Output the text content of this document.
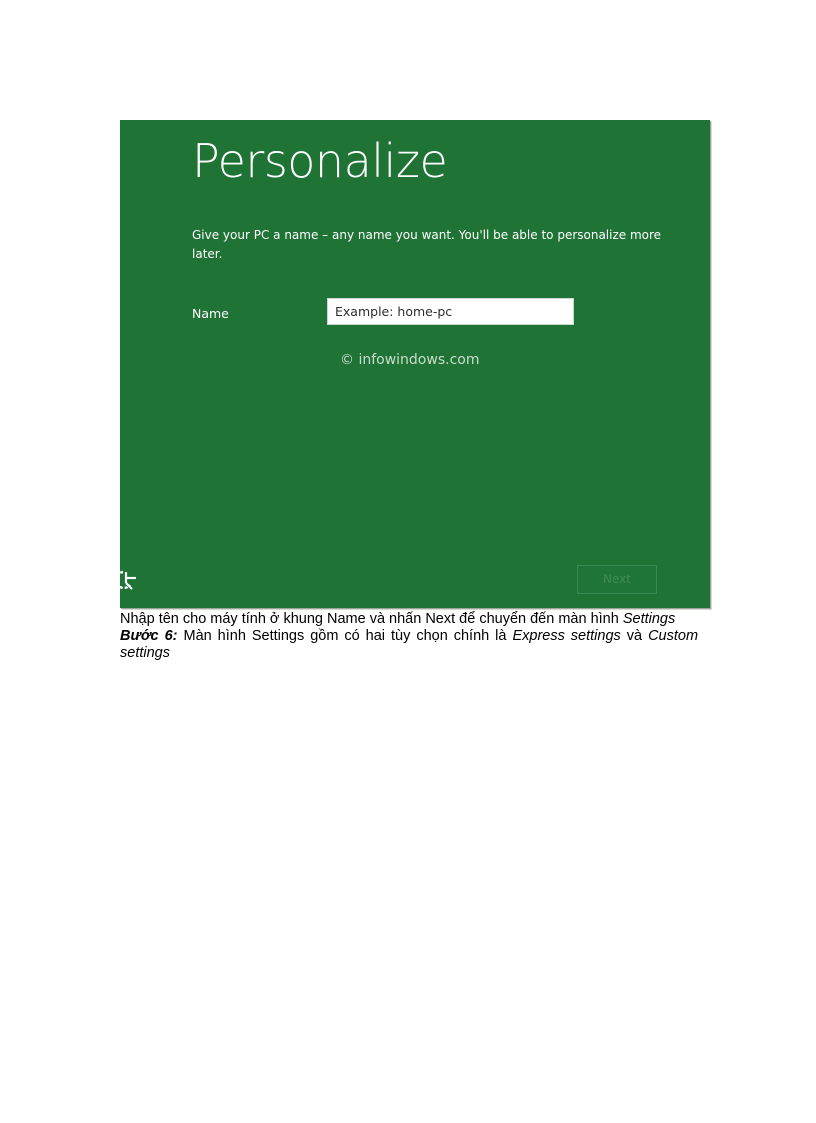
Personalize
Give your PC a name – any name you want. You'll be able to personalize more later.
Name
Example: home-pc
© infowindows.com
Next

Nhập tên cho máy tính ở khung Name và nhấn Next để chuyển đến màn hình Settings

Bước 6: Màn hình Settings gồm có hai tùy chọn chính là Express settings và Custom

settings
